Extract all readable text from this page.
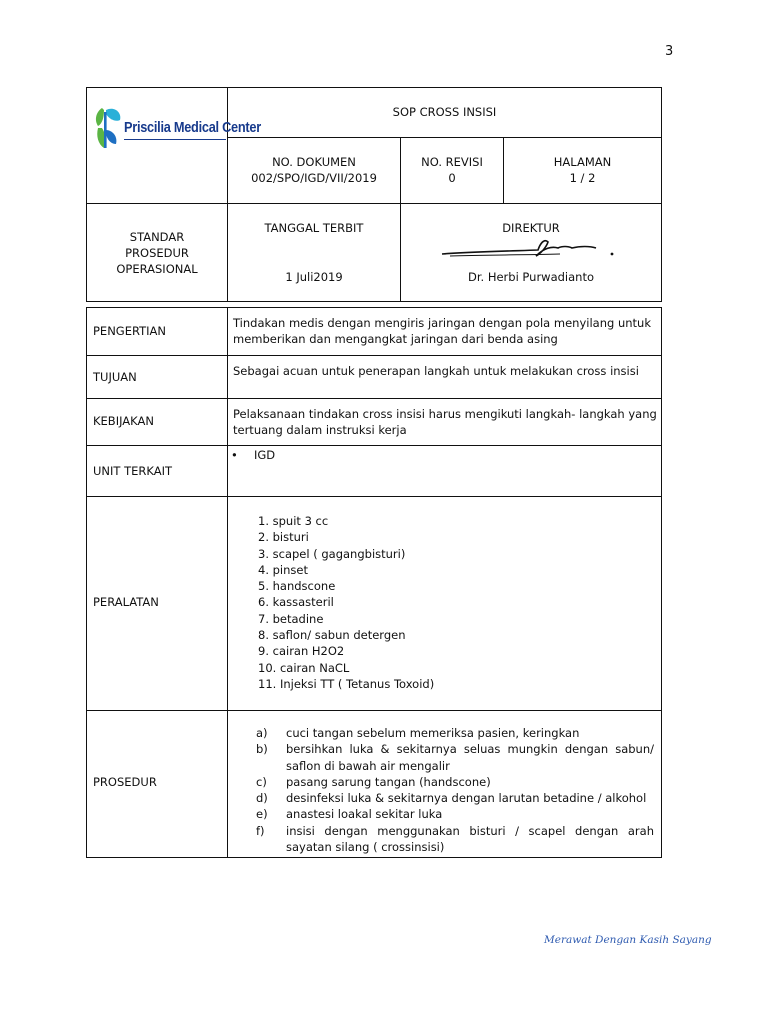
3
Priscilia Medical Center
SOP CROSS INSISI
NO. DOKUMEN
002/SPO/IGD/VII/2019
NO. REVISI
0
HALAMAN
1 / 2
STANDAR
PROSEDUR
OPERASIONAL
TANGGAL TERBIT
1 Juli2019
DIREKTUR
Dr. Herbi Purwadianto
PENGERTIAN
Tindakan medis dengan mengiris jaringan dengan pola menyilang untuk memberikan dan mengangkat jaringan dari benda asing
TUJUAN	Sebagai acuan untuk penerapan langkah untuk melakukan cross insisi
KEBIJAKAN	Pelaksanaan tindakan cross insisi harus mengikuti langkah- langkah yang tertuang dalam instruksi kerja
UNIT TERKAIT
• IGD
PERALATAN
1. spuit 3 cc
2. bisturi
3. scapel ( gagangbisturi)
4. pinset
5. handscone
6. kassasteril
7. betadine
8. saflon/ sabun detergen
9. cairan H2O2
10. cairan NaCL
11. Injeksi TT ( Tetanus Toxoid)
PROSEDUR
a) cuci tangan sebelum memeriksa pasien, keringkan
b) bersihkan luka & sekitarnya seluas mungkin dengan sabun/ saflon di bawah air mengalir
c) pasang sarung tangan (handscone)
d) desinfeksi luka & sekitarnya dengan larutan betadine / alkohol
e) anastesi loakal sekitar luka
f) insisi dengan menggunakan bisturi / scapel dengan arah sayatan silang ( crossinsisi)
Merawat Dengan Kasih Sayang
